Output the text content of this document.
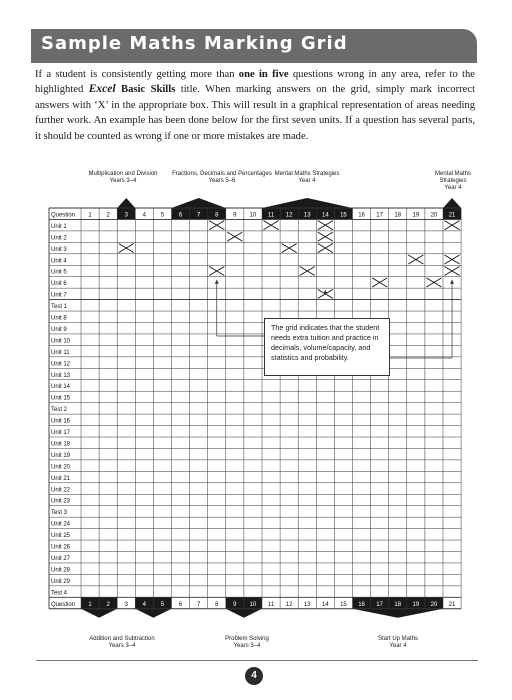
Sample Maths Marking Grid
If a student is consistently getting more than one in five questions wrong in any area, refer to the highlighted Excel Basic Skills title. When marking answers on the grid, simply mark incorrect answers with ‘X’ in the appropriate box. This will result in a graphical representation of areas needing further work. An example has been done below for the first seven units. If a question has several parts, it should be counted as wrong if one or more mistakes are made.
Question
Question
1
1
2
2
3
3
4
4
5
5
6
6
7
7
8
8
9
9
10
10
11
11
12
12
13
13
14
14
15
15
16
16
17
17
18
18
19
19
20
20
21
21
Unit 1
Unit 2
Unit 3
Unit 4
Unit 5
Unit 6
Unit 7
Test 1
Unit 8
Unit 9
Unit 10
Unit 11
Unit 12
Unit 13
Unit 14
Unit 15
Test 2
Unit 16
Unit 17
Unit 18
Unit 19
Unit 20
Unit 21
Unit 22
Unit 23
Test 3
Unit 24
Unit 25
Unit 26
Unit 27
Unit 28
Unit 29
Test 4
Multiplication and Division
Years 3–4
Fractions, Decimals and Percentages
Years 5–6
Mental Maths Strategies
Year 4
Mental Maths
Strategies
Year 4
Addition and Subtraction
Years 3–4
Problem Solving
Years 3–4
Start Up Maths
Year 4
The grid indicates that the student needs extra tuition and practice in decimals, volume/capacity, and statistics and probability.
4
